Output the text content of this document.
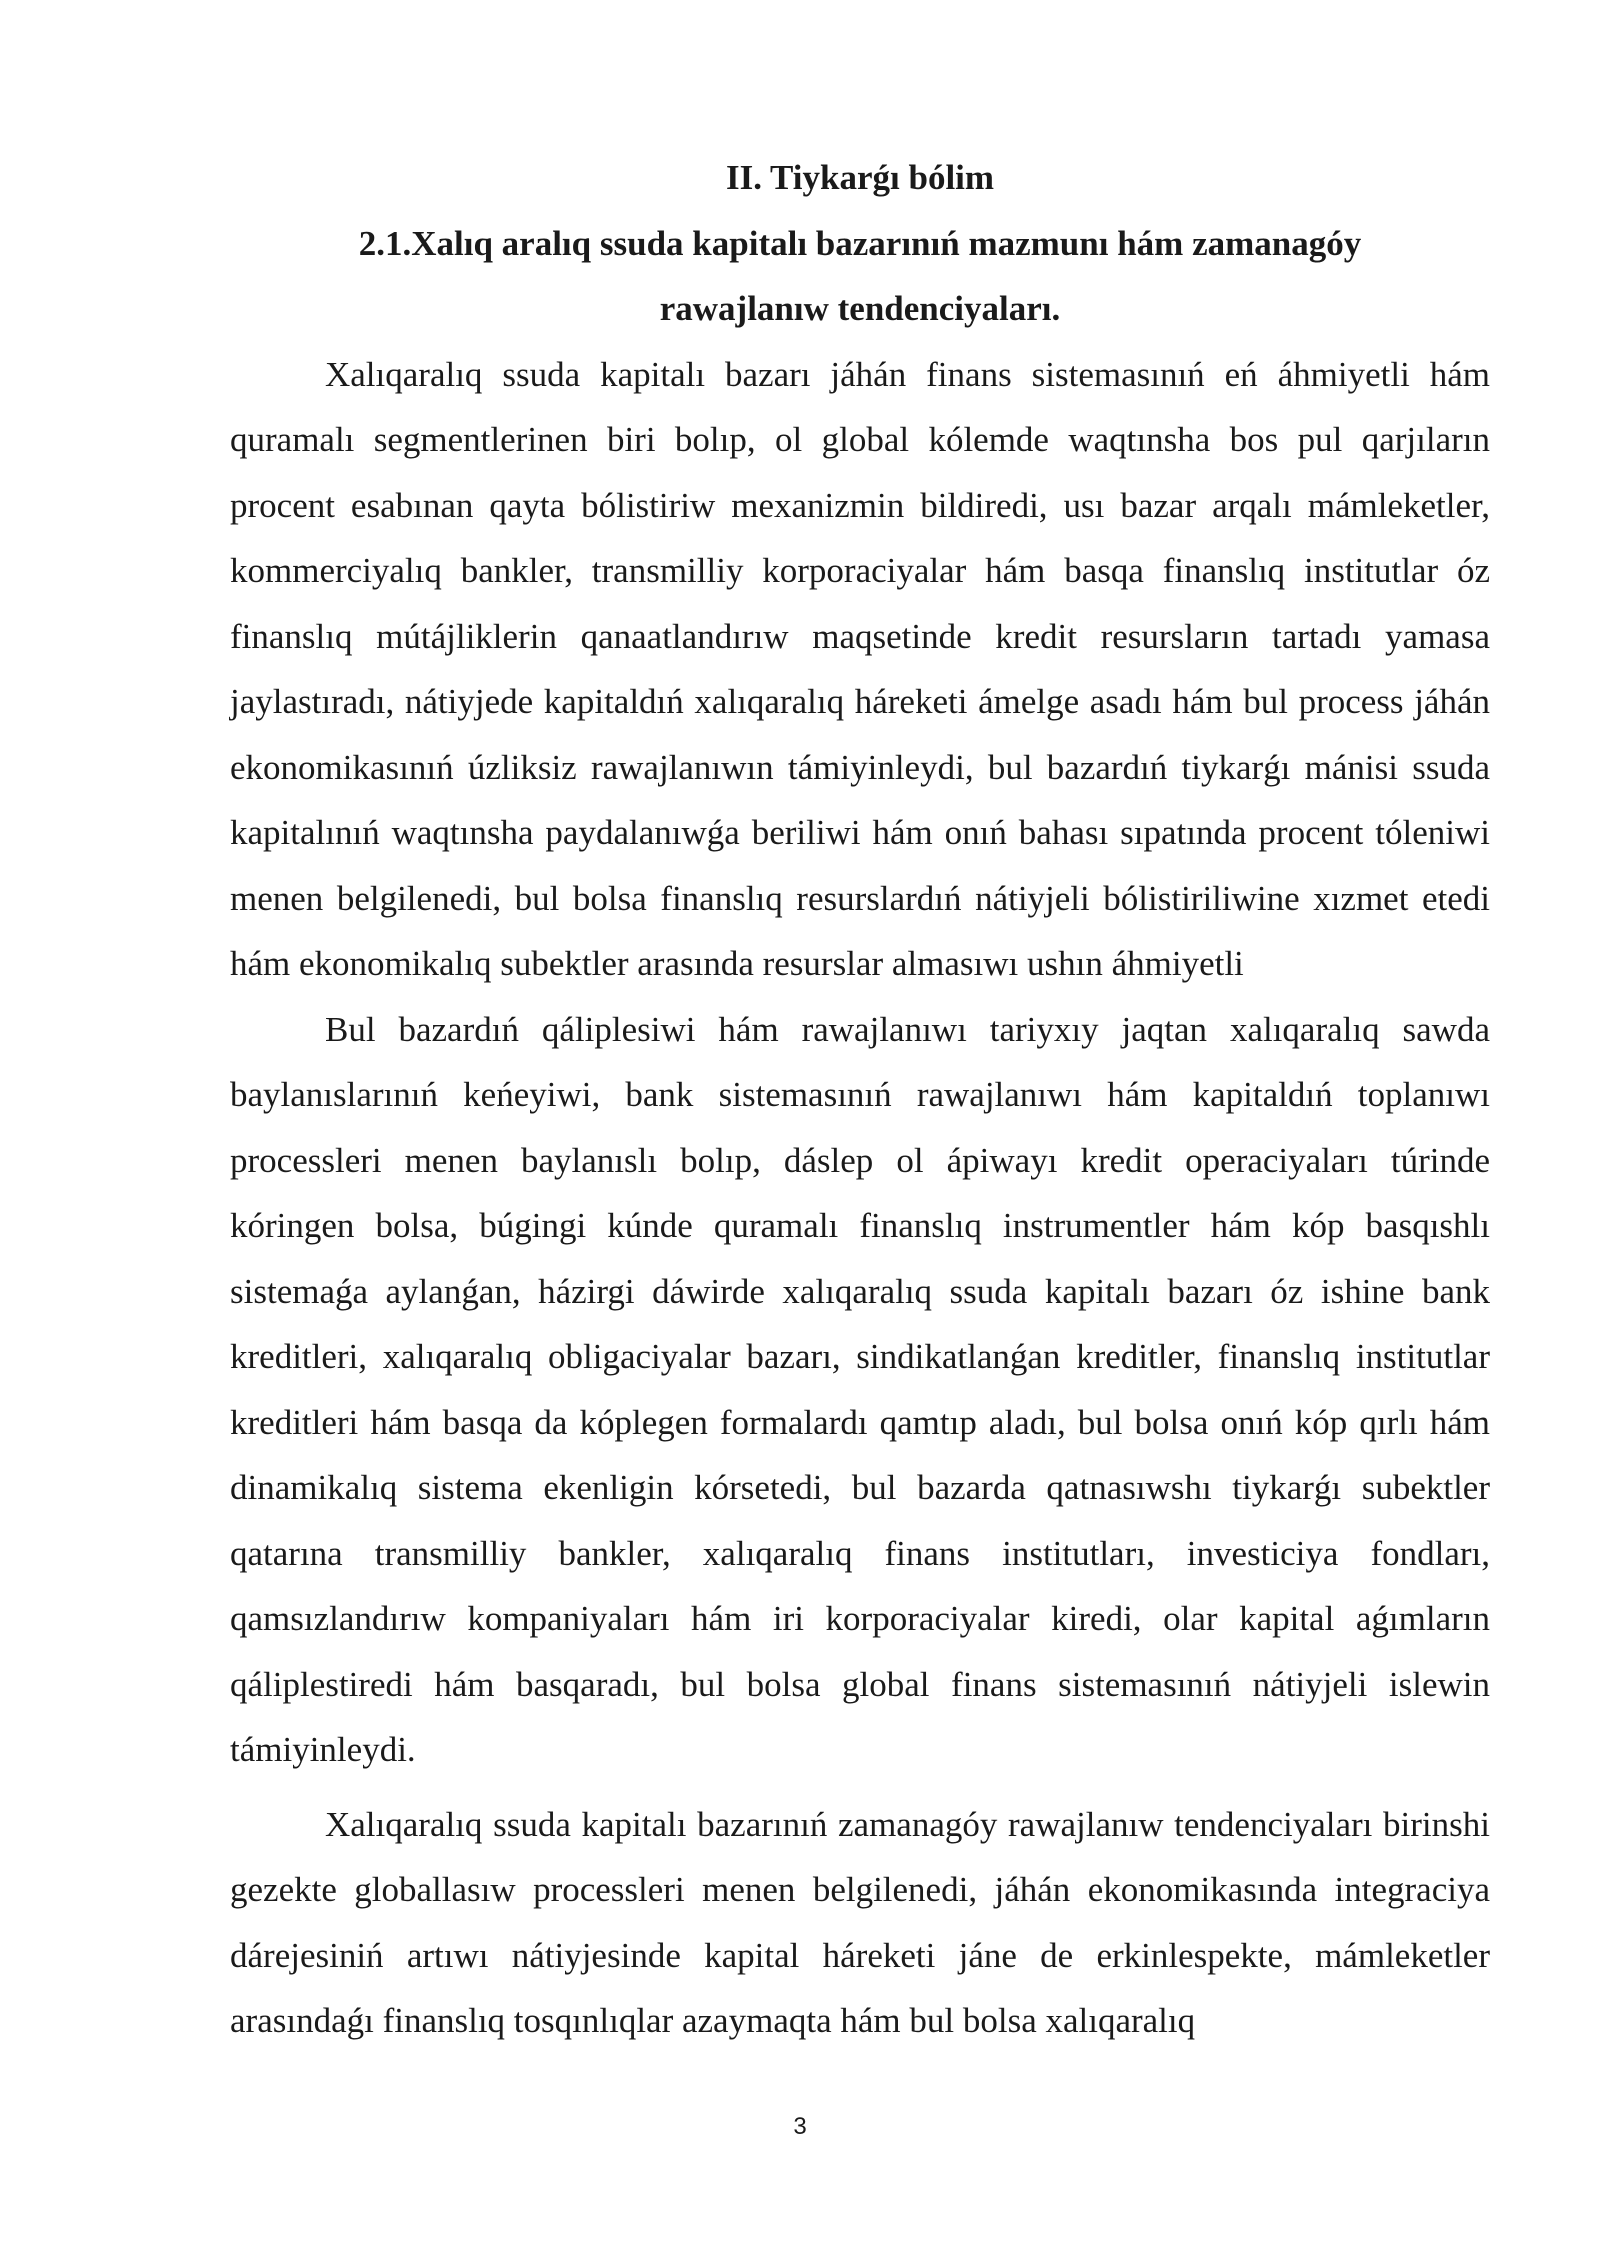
II. Tiykarǵı bólim

2.1.Xalıq aralıq ssuda kapitalı bazarınıń mazmunı hám zamanagóy

rawajlanıw tendenciyaları.

Xalıqaralıq ssuda kapitalı bazarı jáhán finans sistemasınıń eń áhmiyetli hám quramalı segmentlerinen biri bolıp, ol global kólemde waqtınsha bos pul qarjıların procent esabınan qayta bólistiriw mexanizmin bildiredi, usı bazar arqalı mámleketler, kommerciyalıq bankler, transmilliy korporaciyalar hám basqa finanslıq institutlar óz finanslıq mútájliklerin qanaatlandırıw maqsetinde kredit resursların tartadı yamasa jaylastıradı, nátiyjede kapitaldıń xalıqaralıq háreketi ámelge asadı hám bul process jáhán ekonomikasınıń úzliksiz rawajlanıwın támiyinleydi, bul bazardıń tiykarǵı mánisi ssuda kapitalınıń waqtınsha paydalanıwǵa beriliwi hám onıń bahası sıpatında procent tóleniwi menen belgilenedi, bul bolsa finanslıq resurslardıń nátiyjeli bólistiriliwine xızmet etedi hám ekonomikalıq subektler arasında resurslar almasıwı ushın áhmiyetli

Bul bazardıń qáliplesiwi hám rawajlanıwı tariyxıy jaqtan xalıqaralıq sawda baylanıslarınıń keńeyiwi, bank sistemasınıń rawajlanıwı hám kapitaldıń toplanıwı processleri menen baylanıslı bolıp, dáslep ol ápiwayı kredit operaciyaları túrinde kóringen bolsa, búgingi kúnde quramalı finanslıq instrumentler hám kóp basqıshlı sistemaǵa aylanǵan, házirgi dáwirde xalıqaralıq ssuda kapitalı bazarı óz ishine bank kreditleri, xalıqaralıq obligaciyalar bazarı, sindikatlanǵan kreditler, finanslıq institutlar kreditleri hám basqa da kóplegen formalardı qamtıp aladı, bul bolsa onıń kóp qırlı hám dinamikalıq sistema ekenligin kórsetedi, bul bazarda qatnasıwshı tiykarǵı subektler qatarına transmilliy bankler, xalıqaralıq finans institutları, investiciya fondları, qamsızlandırıw kompaniyaları hám iri korporaciyalar kiredi, olar kapital aǵımların qáliplestiredi hám basqaradı, bul bolsa global finans sistemasınıń nátiyjeli islewin támiyinleydi.

Xalıqaralıq ssuda kapitalı bazarınıń zamanagóy rawajlanıw tendenciyaları birinshi gezekte globallasıw processleri menen belgilenedi, jáhán ekonomikasında integraciya dárejesiniń artıwı nátiyjesinde kapital háreketi jáne de erkinlespekte, mámleketler arasındaǵı finanslıq tosqınlıqlar azaymaqta hám bul bolsa xalıqaralıq

3
